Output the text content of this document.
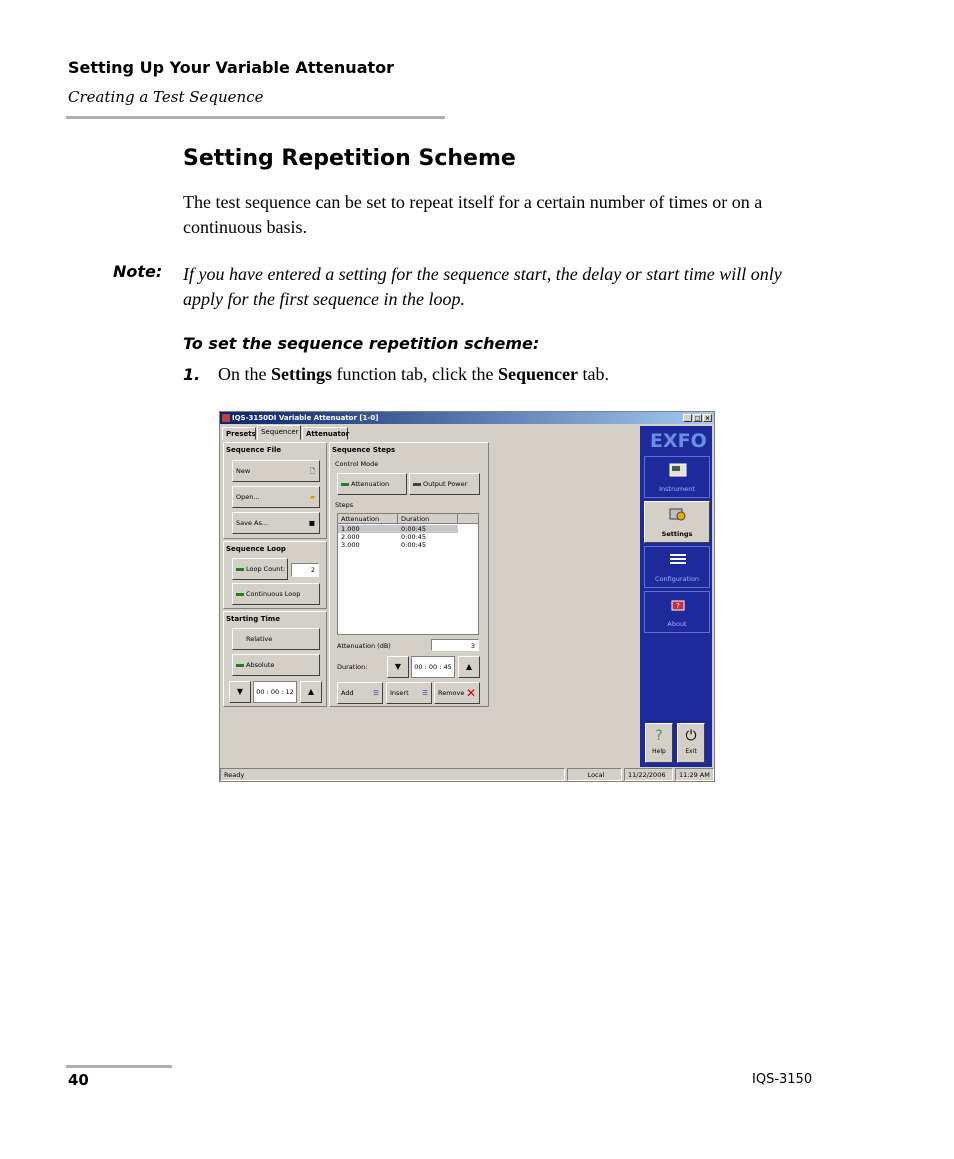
Setting Up Your Variable Attenuator
Creating a Test Sequence
Setting Repetition Scheme
The test sequence can be set to repeat itself for a certain number of times or on a continuous basis.
Note: If you have entered a setting for the sequence start, the delay or start time will only apply for the first sequence in the loop.
To set the sequence repetition scheme:
1. On the Settings function tab, click the Sequencer tab.
IQS-3150DI Variable Attenuator [1-0]	_ □ ×
Presets Sequencer	Attenuator
Sequence File
New	🗋
Open...	▰
Save As...	■
Sequence Loop
Loop Count:	2
Continuous Loop
Starting Time
Relative
Absolute
▼	00 : 00 : 12	▲
Sequence Steps
Control Mode
Attenuation	Output Power
Steps
Attenuation	Duration
1.000	0:00:45
2.000	0:00:45
3.000	0:00:45
Attenuation (dB)	3
Duration:	▼	00 : 00 : 45	▲
Add	☰	Insert ☰	Remove ✕
EXFO
Instrument
Settings
Configuration
?
About
?
Help
⏻
Exit
Ready	Local	11/22/2006	11:29 AM
40	IQS-3150
